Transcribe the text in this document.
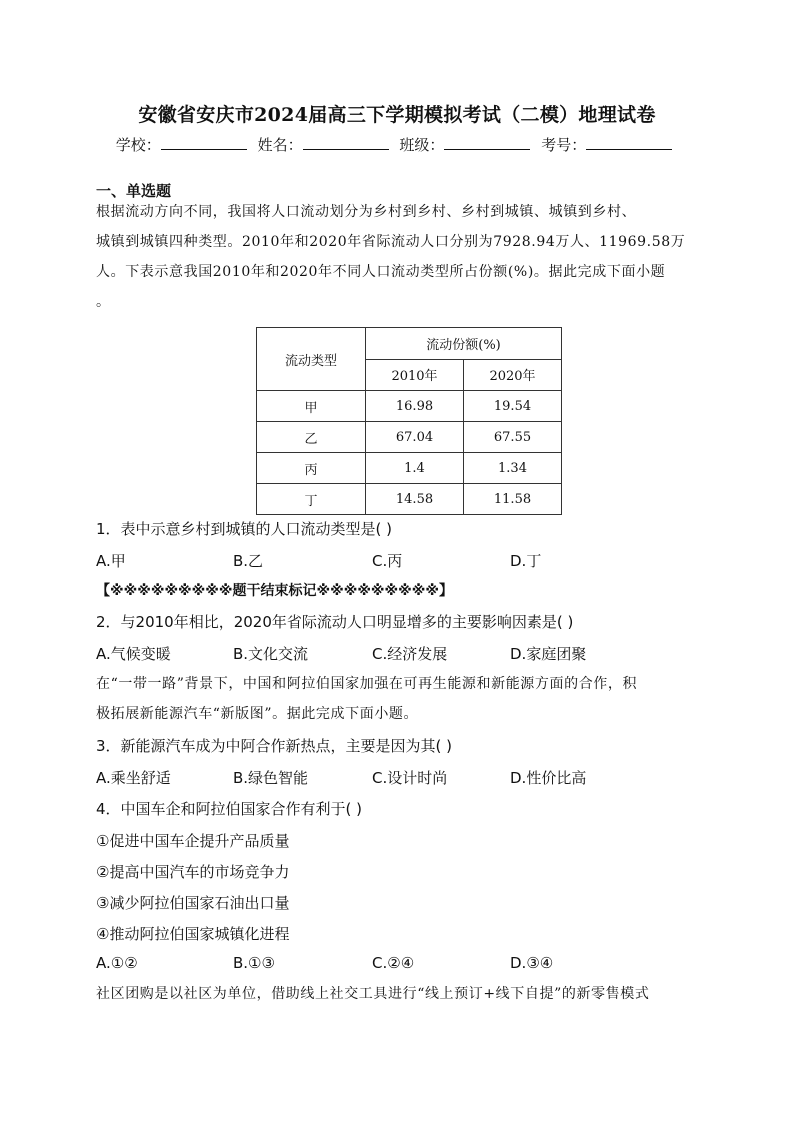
安徽省安庆市2024届高三下学期模拟考试（二模）地理试卷
学校：	姓名：	班级：	考号：
一、单选题
根据流动方向不同，我国将人口流动划分为乡村到乡村、乡村到城镇、城镇到乡村、
城镇到城镇四种类型。2010年和2020年省际流动人口分别为7928.94万人、11969.58万
人。下表示意我国2010年和2020年不同人口流动类型所占份额(%)。据此完成下面小题
。
流动类型	流动份额(%)	
	2010年	2020年
甲	16.98	19.54
乙	67.04	67.55
丙	1.4	1.34
丁	14.58	11.58
1．表中示意乡村到城镇的人口流动类型是( )
A.甲	B.乙	C.丙	D.丁
【※※※※※※※※※题干结束标记※※※※※※※※※】
2．与2010年相比，2020年省际流动人口明显增多的主要影响因素是( )
A.气候变暖	B.文化交流	C.经济发展	D.家庭团聚
在“一带一路”背景下，中国和阿拉伯国家加强在可再生能源和新能源方面的合作，积
极拓展新能源汽车“新版图”。据此完成下面小题。
3．新能源汽车成为中阿合作新热点，主要是因为其( )
A.乘坐舒适	B.绿色智能	C.设计时尚	D.性价比高
4．中国车企和阿拉伯国家合作有利于( )
①促进中国车企提升产品质量
②提高中国汽车的市场竞争力
③减少阿拉伯国家石油出口量
④推动阿拉伯国家城镇化进程
A.①②	B.①③	C.②④	D.③④
社区团购是以社区为单位，借助线上社交工具进行“线上预订+线下自提”的新零售模式
